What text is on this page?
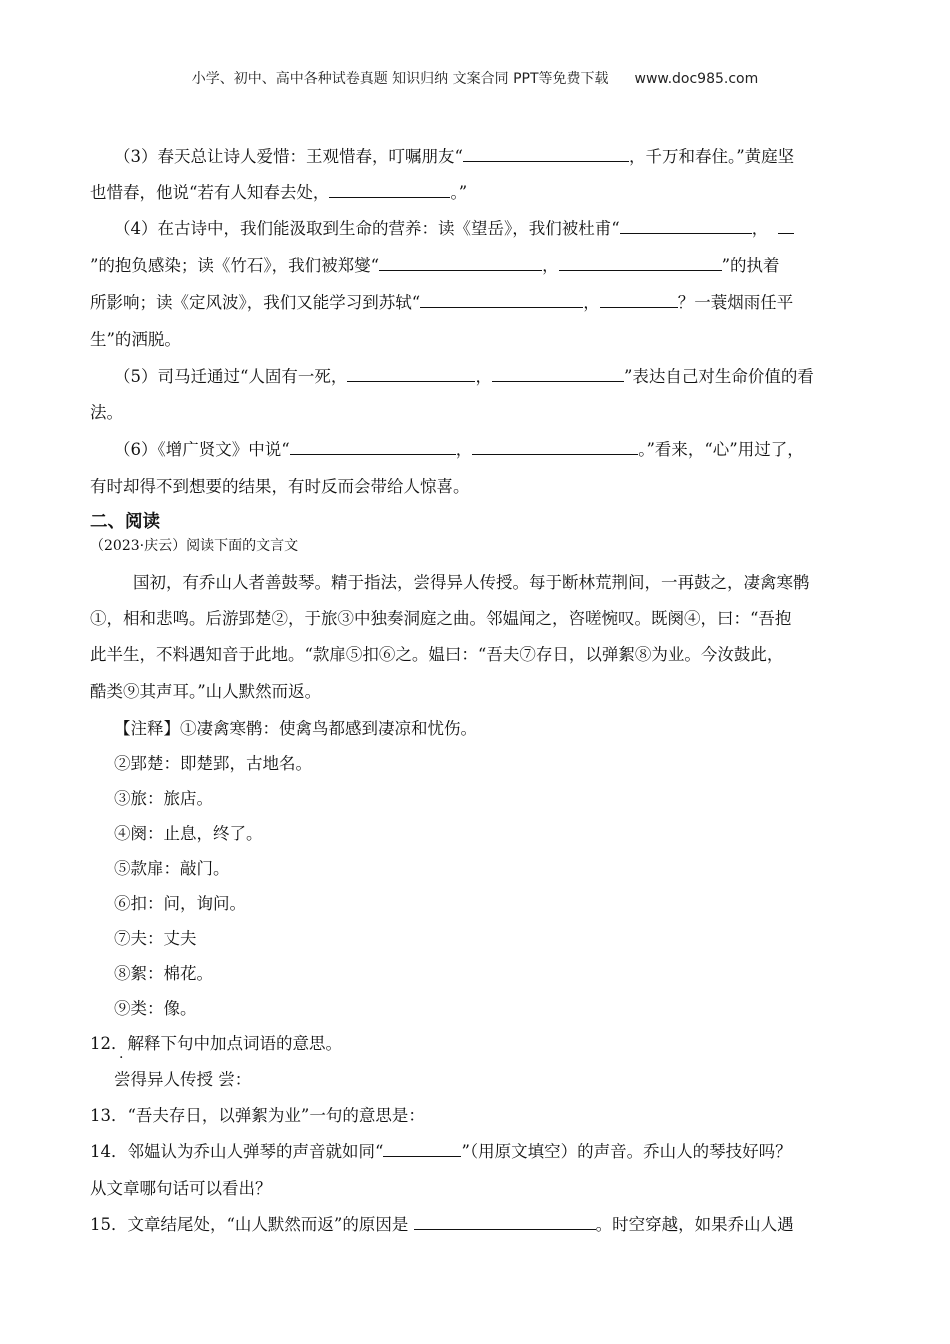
小学、初中、高中各种试卷真题 知识归纳 文案合同 PPT等免费下载 www.doc985.com
（3）春天总让诗人爱惜：王观惜春，叮嘱朋友“	，千万和春住。”黄庭坚
也惜春，他说“若有人知春去处，	。”
（4）在古诗中，我们能汲取到生命的营养：读《望岳》，我们被杜甫“	，
”的抱负感染；读《竹石》，我们被郑燮“	，	”的执着
所影响；读《定风波》，我们又能学习到苏轼“	，	？一蓑烟雨任平
生”的洒脱。
（5）司马迁通过“人固有一死，	，	”表达自己对生命价值的看
法。
（6）《增广贤文》中说“	，	。”看来，“心”用过了，
有时却得不到想要的结果，有时反而会带给人惊喜。
二、阅读
（2023·庆云）阅读下面的文言文
国初，有乔山人者善鼓琴。精于指法，尝得异人传授。每于断林荒荆间，一再鼓之，凄禽寒鹘
①，相和悲鸣。后游郢楚②，于旅③中独奏洞庭之曲。邻媪闻之，咨嗟惋叹。既阕④，曰：“吾抱
此半生，不料遇知音于此地。“款扉⑤扣⑥之。媪曰：“吾夫⑦存日，以弹絮⑧为业。今汝鼓此，
酷类⑨其声耳。”山人默然而返。
【注释】①凄禽寒鹘：使禽鸟都感到凄凉和忧伤。
②郢楚：即楚郢，古地名。
③旅：旅店。
④阕：止息，终了。
⑤款扉：敲门。
⑥扣：问，询问。
⑦夫：丈夫
⑧絮：棉花。
⑨类：像。
12．解释下句中加点词语的意思。
尝得异人传授 尝：
13．“吾夫存日，以弹絮为业”一句的意思是：
14．邻媪认为乔山人弹琴的声音就如同“	”（用原文填空）的声音。乔山人的琴技好吗？
从文章哪句话可以看出？
15．文章结尾处，“山人默然而返”的原因是	。时空穿越，如果乔山人遇
